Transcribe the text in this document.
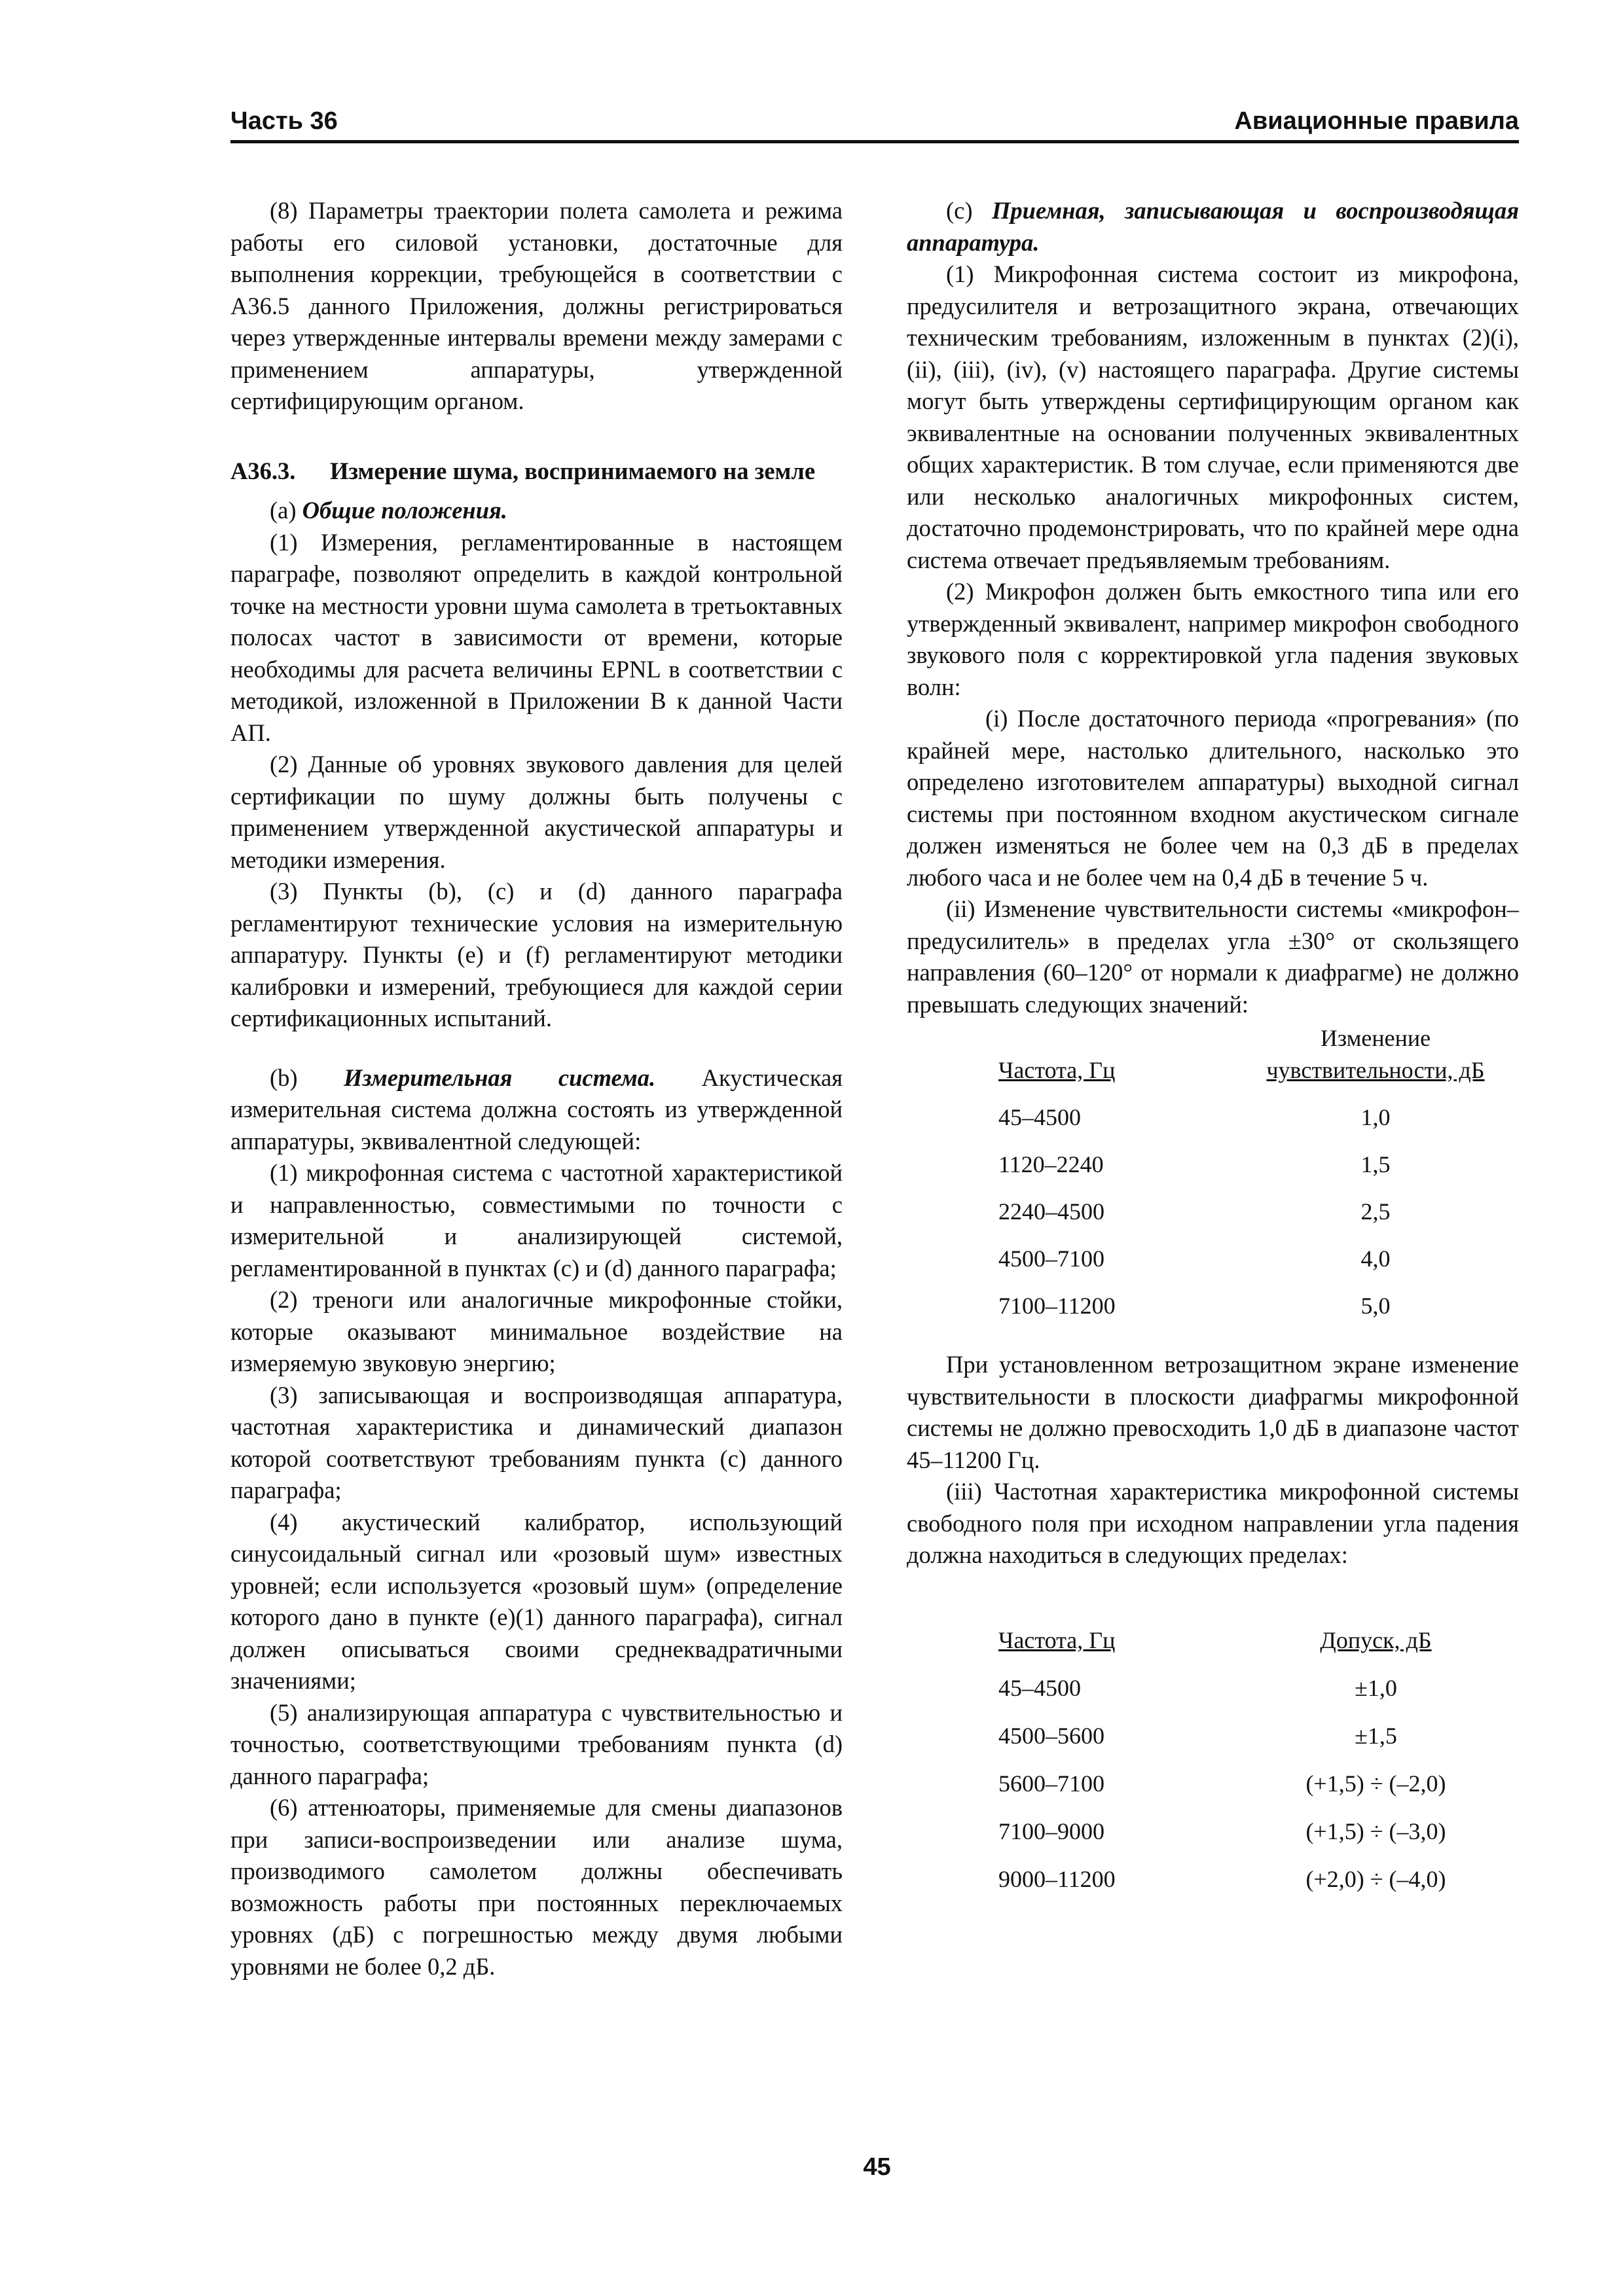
Часть 36	Авиационные правила

(8) Параметры траектории полета самолета и режима работы его силовой установки, достаточные для выполнения коррекции, требующейся в соответствии с А36.5 данного Приложения, должны регистрироваться через утвержденные интервалы времени между замерами с применением аппаратуры, утвержденной сертифицирующим органом.

А36.3. Измерение шума, воспринимаемого на земле

(а) Общие положения.

(1) Измерения, регламентированные в настоящем параграфе, позволяют определить в каждой контрольной точке на местности уровни шума самолета в третьоктавных полосах частот в зависимости от времени, которые необходимы для расчета величины EPNL в соответствии с методикой, изложенной в Приложении В к данной Части АП.

(2) Данные об уровнях звукового давления для целей сертификации по шуму должны быть получены с применением утвержденной акустической аппаратуры и методики измерения.

(3) Пункты (b), (c) и (d) данного параграфа регламентируют технические условия на измерительную аппаратуру. Пункты (e) и (f) регламентируют методики калибровки и измерений, требующиеся для каждой серии сертификационных испытаний.

(b) Измерительная система. Акустическая измерительная система должна состоять из утвержденной аппаратуры, эквивалентной следующей:

(1) микрофонная система с частотной характеристикой и направленностью, совместимыми по точности с измерительной и анализирующей системой, регламентированной в пунктах (c) и (d) данного параграфа;

(2) треноги или аналогичные микрофонные стойки, которые оказывают минимальное воздействие на измеряемую звуковую энергию;

(3) записывающая и воспроизводящая аппаратура, частотная характеристика и динамический диапазон которой соответствуют требованиям пункта (c) данного параграфа;

(4) акустический калибратор, использующий синусоидальный сигнал или «розовый шум» известных уровней; если используется «розовый шум» (определение которого дано в пункте (e)(1) данного параграфа), сигнал должен описываться своими среднеквадратичными значениями;

(5) анализирующая аппаратура с чувствительностью и точностью, соответствующими требованиям пункта (d) данного параграфа;

(6) аттенюаторы, применяемые для смены диапазонов при записи-воспроизведении или анализе шума, производимого самолетом должны обеспечивать возможность работы при постоянных переключаемых уровнях (дБ) с погрешностью между двумя любыми уровнями не более 0,2 дБ.

(c) Приемная, записывающая и воспроизводящая аппаратура.

(1) Микрофонная система состоит из микрофона, предусилителя и ветрозащитного экрана, отвечающих техническим требованиям, изложенным в пунктах (2)(i), (ii), (iii), (iv), (v) настоящего параграфа. Другие системы могут быть утверждены сертифицирующим органом как эквивалентные на основании полученных эквивалентных общих характеристик. В том случае, если применяются две или несколько аналогичных микрофонных систем, достаточно продемонстрировать, что по крайней мере одна система отвечает предъявляемым требованиям.

(2) Микрофон должен быть емкостного типа или его утвержденный эквивалент, например микрофон свободного звукового поля с корректировкой угла падения звуковых волн:

(i) После достаточного периода «прогревания» (по крайней мере, настолько длительного, насколько это определено изготовителем аппаратуры) выходной сигнал системы при постоянном входном акустическом сигнале должен изменяться не более чем на 0,3 дБ в пределах любого часа и не более чем на 0,4 дБ в течение 5 ч.

(ii) Изменение чувствительности системы «микрофон–предусилитель» в пределах угла ±30° от скользящего направления (60–120° от нормали к диафрагме) не должно превышать следующих значений:

Частота, Гц	Изменение
чувствительности, дБ

45–4500	1,0
1120–2240	1,5
2240–4500	2,5
4500–7100	4,0
7100–11200	5,0

При установленном ветрозащитном экране изменение чувствительности в плоскости диафрагмы микрофонной системы не должно превосходить 1,0 дБ в диапазоне частот 45–11200 Гц.

(iii) Частотная характеристика микрофонной системы свободного поля при исходном направлении угла падения должна находиться в следующих пределах:

Частота, Гц	Допуск, дБ
45–4500	±1,0
4500–5600	±1,5
5600–7100	(+1,5) ÷ (–2,0)
7100–9000	(+1,5) ÷ (–3,0)
9000–11200	(+2,0) ÷ (–4,0)
45
